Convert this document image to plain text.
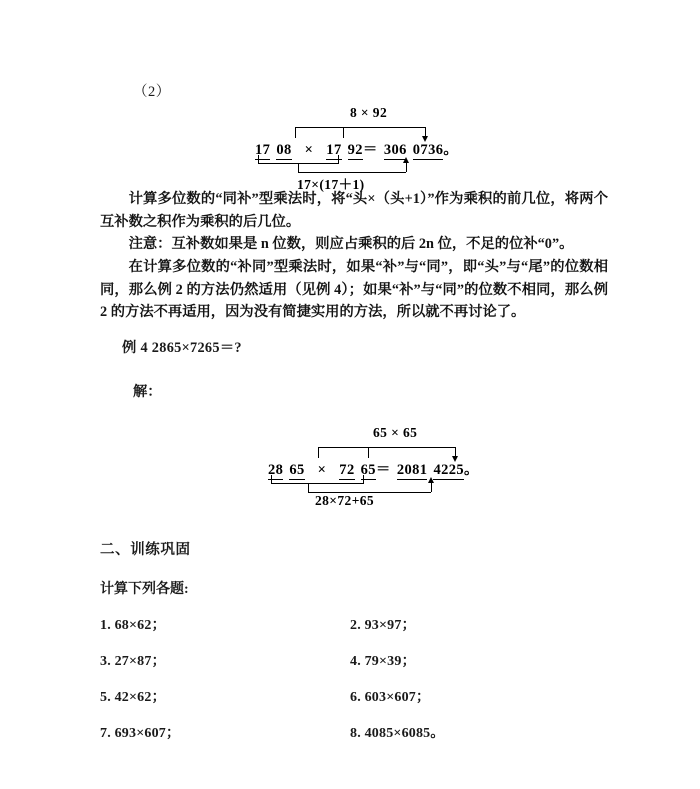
（2）
8 × 92
17 08 × 17 92＝ 306 0736。
17×(17＋1)
计算多位数的“同补”型乘法时，将“头×（头+1）”作为乘积的前几位，将两个互补数之积作为乘积的后几位。
注意：互补数如果是 n 位数，则应占乘积的后 2n 位，不足的位补“0”。
在计算多位数的“补同”型乘法时，如果“补”与“同”，即“头”与“尾”的位数相同，那么例 2 的方法仍然适用（见例 4）；如果“补”与“同”的位数不相同，那么例 2 的方法不再适用，因为没有简捷实用的方法，所以就不再讨论了。
例 4 2865×7265＝?
解：
65 × 65
28 65 × 72 65＝ 2081 4225。
28×72+65
二、训练巩固
计算下列各题:
1. 68×62；
3. 27×87；
5. 42×62；
7. 693×607；
2. 93×97；
4. 79×39；
6. 603×607；
8. 4085×6085。
